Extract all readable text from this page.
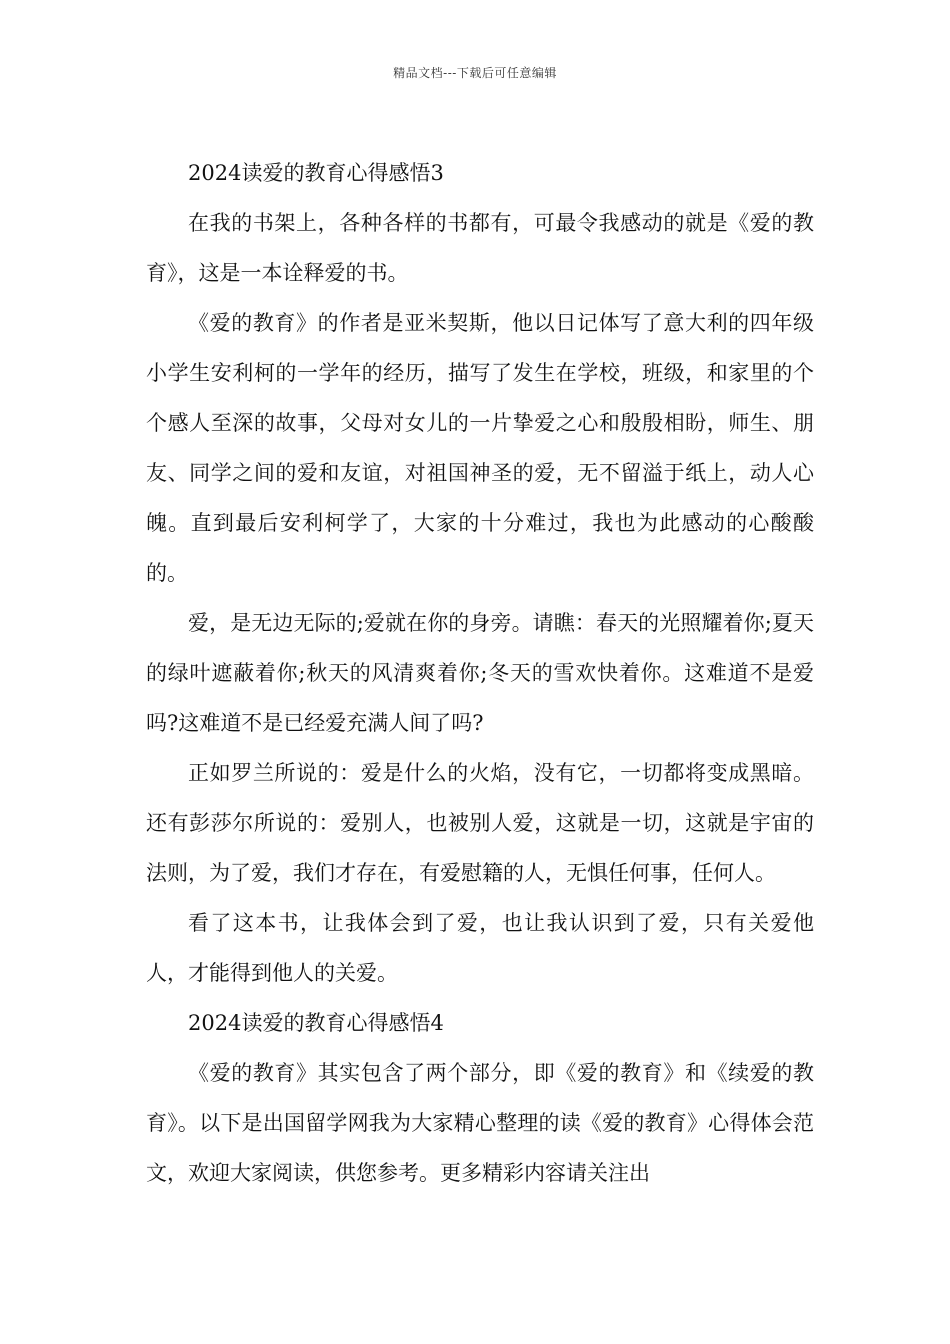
精品文档---下载后可任意编辑

2024读爱的教育心得感悟3

在我的书架上，各种各样的书都有，可最令我感动的就是《爱的教育》，这是一本诠释爱的书。

《爱的教育》的作者是亚米契斯，他以日记体写了意大利的四年级小学生安利柯的一学年的经历，描写了发生在学校，班级，和家里的个个感人至深的故事，父母对女儿的一片挚爱之心和殷殷相盼，师生、朋友、同学之间的爱和友谊，对祖国神圣的爱，无不留溢于纸上，动人心魄。直到最后安利柯学了，大家的十分难过，我也为此感动的心酸酸的。

爱，是无边无际的;爱就在你的身旁。请瞧：春天的光照耀着你;夏天的绿叶遮蔽着你;秋天的风清爽着你;冬天的雪欢快着你。这难道不是爱吗?这难道不是已经爱充满人间了吗?

正如罗兰所说的：爱是什么的火焰，没有它，一切都将变成黑暗。还有彭莎尔所说的：爱别人，也被别人爱，这就是一切，这就是宇宙的法则，为了爱，我们才存在，有爱慰籍的人，无惧任何事，任何人。

看了这本书，让我体会到了爱，也让我认识到了爱，只有关爱他人，才能得到他人的关爱。

2024读爱的教育心得感悟4

《爱的教育》其实包含了两个部分，即《爱的教育》和《续爱的教育》。以下是出国留学网我为大家精心整理的读《爱的教育》心得体会范文，欢迎大家阅读，供您参考。更多精彩内容请关注出
